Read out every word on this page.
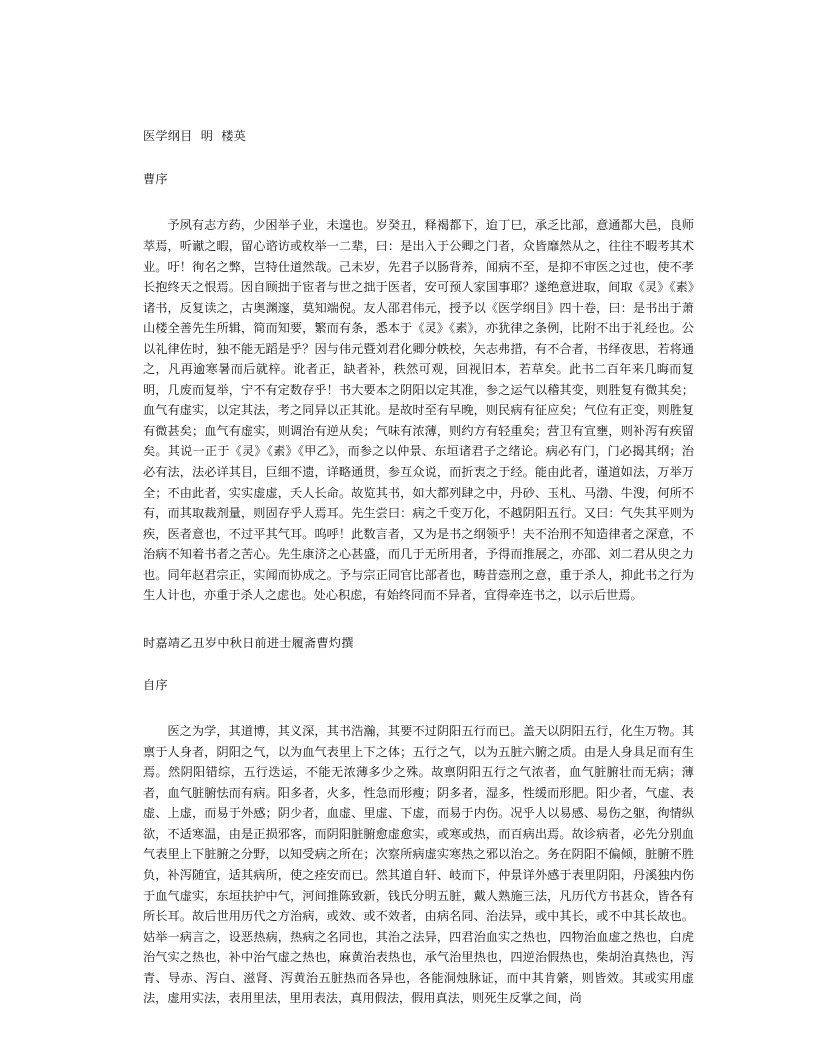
医学纲目  明  楼英
曹序

予夙有志方药，少困举子业，未遑也。岁癸丑，释褐都下，迨丁巳，承乏比部，意通都大邑，良师萃焉，听谳之暇，留心谘访或枚举一二辈，曰：是出入于公卿之门者，众皆靡然从之，往往不暇考其术业。吁！徇名之弊，岂特仕道然哉。己未岁，先君子以肠背养，闻病不至，是抑不审医之过也，使不孝长抱终天之恨焉。因自顾拙于宦者与世之拙于医者，安可预人家国事耶？遂绝意进取，间取《灵》《素》诸书，反复读之，古奥渊邃，莫知端倪。友人邵君伟元，授予以《医学纲目》四十卷，曰：是书出于萧山楼全善先生所辑，简而知要，繁而有条，悉本于《灵》《素》，亦犹律之条例，比附不出于礼经也。公以礼律佐时，独不能无蹈是乎？因与伟元暨刘君化卿分帙校，矢志弗措，有不合者，书绎夜思，若将通之，凡再逾寒暑而后就梓。讹者正，缺者补，秩然可观，回视旧本，若草矣。此书二百年来几晦而复明，几废而复举，宁不有定数存乎！书大要本之阴阳以定其准，参之运气以稽其变，则胜复有微其矣；血气有虚实，以定其法，考之同异以正其讹。是故时至有早晚，则民病有征应矣；气位有正变，则胜复有微甚矣；血气有虚实，则调治有逆从矣；气味有浓薄，则约方有轻重矣；营卫有宣壅，则补泻有疾留矣。其说一正于《灵》《素》《甲乙》，而参之以仲景、东垣诸君子之绪论。病必有门，门必揭其纲；治必有法，法必详其目，巨细不遗，详略通贯，参互众说，而折衷之于经。能由此者，谨道如法，万举万全；不由此者，实实虚虚，夭人长命。故览其书，如大都列肆之中，丹砂、玉札、马渤、牛溲，何所不有，而其取裁剂量，则固存乎人焉耳。先生尝曰：病之千变万化，不越阴阳五行。又曰：气失其平则为疾，医者意也，不过平其气耳。呜呼！此数言者，又为是书之纲领乎！夫不治刑不知造律者之深意，不治病不知着书者之苦心。先生康济之心甚盛，而几于无所用者，予得而推展之，亦邵、刘二君从臾之力也。同年赵君宗正，实闻而协成之。予与宗正同官比部者也，畴昔悫刑之意，重于杀人，抑此书之行为生人计也，亦重于杀人之虑也。处心积虑，有始终同而不异者，宜得牵连书之，以示后世焉。

时嘉靖乙丑岁中秋日前进士履斋曹灼撰
自序

医之为学，其道博，其义深，其书浩瀚，其要不过阴阳五行而已。盖天以阴阳五行，化生万物。其禀于人身者，阴阳之气，以为血气表里上下之体；五行之气，以为五脏六腑之质。由是人身具足而有生焉。然阴阳错综，五行迭运，不能无浓薄多少之殊。故禀阴阳五行之气浓者，血气脏腑壮而无病；薄者，血气脏腑怯而有病。阳多者，火多，性急而形瘦；阴多者，湿多，性缓而形肥。阳少者，气虚、表虚、上虚，而易于外感；阴少者，血虚、里虚、下虚，而易于内伤。况乎人以易感、易伤之躯，徇情纵欲，不适寒温，由是正损邪客，而阴阳脏腑愈虚愈实，或寒或热，而百病出焉。故诊病者，必先分别血气表里上下脏腑之分野，以知受病之所在；次察所病虚实寒热之邪以治之。务在阴阳不偏倾，脏腑不胜负，补泻随宜，适其病所，使之痊安而已。然其道自轩、岐而下，仲景详外感于表里阴阳，丹溪独内伤于血气虚实，东垣扶护中气，河间推陈致新，钱氏分明五脏，戴人熟施三法，凡历代方书甚众，皆各有所长耳。故后世用历代之方治病，或效、或不效者，由病名同、治法异，或中其长，或不中其长故也。姑举一病言之，设恶热病，热病之名同也，其治之法异，四君治血实之热也，四物治血虚之热也，白虎治气实之热也，补中治气虚之热也，麻黄治表热也，承气治里热也，四逆治假热也，柴胡治真热也，泻青、导赤、泻白、滋肾、泻黄治五脏热而各异也，各能洞烛脉证，而中其肯綮，则皆效。其或实用虚法，虚用实法，表用里法，里用表法，真用假法，假用真法，则死生反掌之间，尚
